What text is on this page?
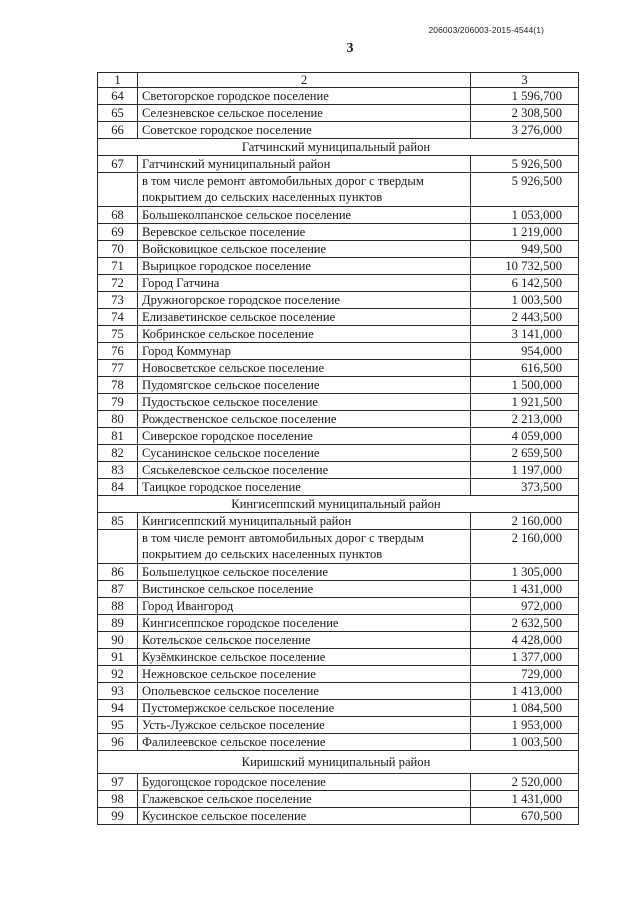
206003/206003-2015-4544(1)
3
1	2	3
64	Светогорское городское поселение	1 596,700
65	Селезневское сельское поселение	2 308,500
66	Советское городское поселение	3 276,000
Гатчинский муниципальный район		
67	Гатчинский муниципальный район	5 926,500
	в том числе ремонт автомобильных дорог с твердым покрытием до сельских населенных пунктов	5 926,500
68	Большеколпанское сельское поселение	1 053,000
69	Веревское сельское поселение	1 219,000
70	Войсковицкое сельское поселение	949,500
71	Вырицкое городское поселение	10 732,500
72	Город Гатчина	6 142,500
73	Дружногорское городское поселение	1 003,500
74	Елизаветинское сельское поселение	2 443,500
75	Кобринское сельское поселение	3 141,000
76	Город Коммунар	954,000
77	Новосветское сельское поселение	616,500
78	Пудомягское сельское поселение	1 500,000
79	Пудостьское сельское поселение	1 921,500
80	Рождественское сельское поселение	2 213,000
81	Сиверское городское поселение	4 059,000
82	Сусанинское сельское поселение	2 659,500
83	Сяськелевское сельское поселение	1 197,000
84	Таицкое городское поселение	373,500
Кингисеппский муниципальный район		
85	Кингисеппский муниципальный район	2 160,000
	в том числе ремонт автомобильных дорог с твердым покрытием до сельских населенных пунктов	2 160,000
86	Большелуцкое сельское поселение	1 305,000
87	Вистинское сельское поселение	1 431,000
88	Город Ивангород	972,000
89	Кингисеппское городское поселение	2 632,500
90	Котельское сельское поселение	4 428,000
91	Кузёмкинское сельское поселение	1 377,000
92	Нежновское сельское поселение	729,000
93	Опольевское сельское поселение	1 413,000
94	Пустомержское сельское поселение	1 084,500
95	Усть-Лужское сельское поселение	1 953,000
96	Фалилеевское сельское поселение	1 003,500
Киришский муниципальный район		
97	Будогощское городское поселение	2 520,000
98	Глажевское сельское поселение	1 431,000
99	Кусинское сельское поселение	670,500
